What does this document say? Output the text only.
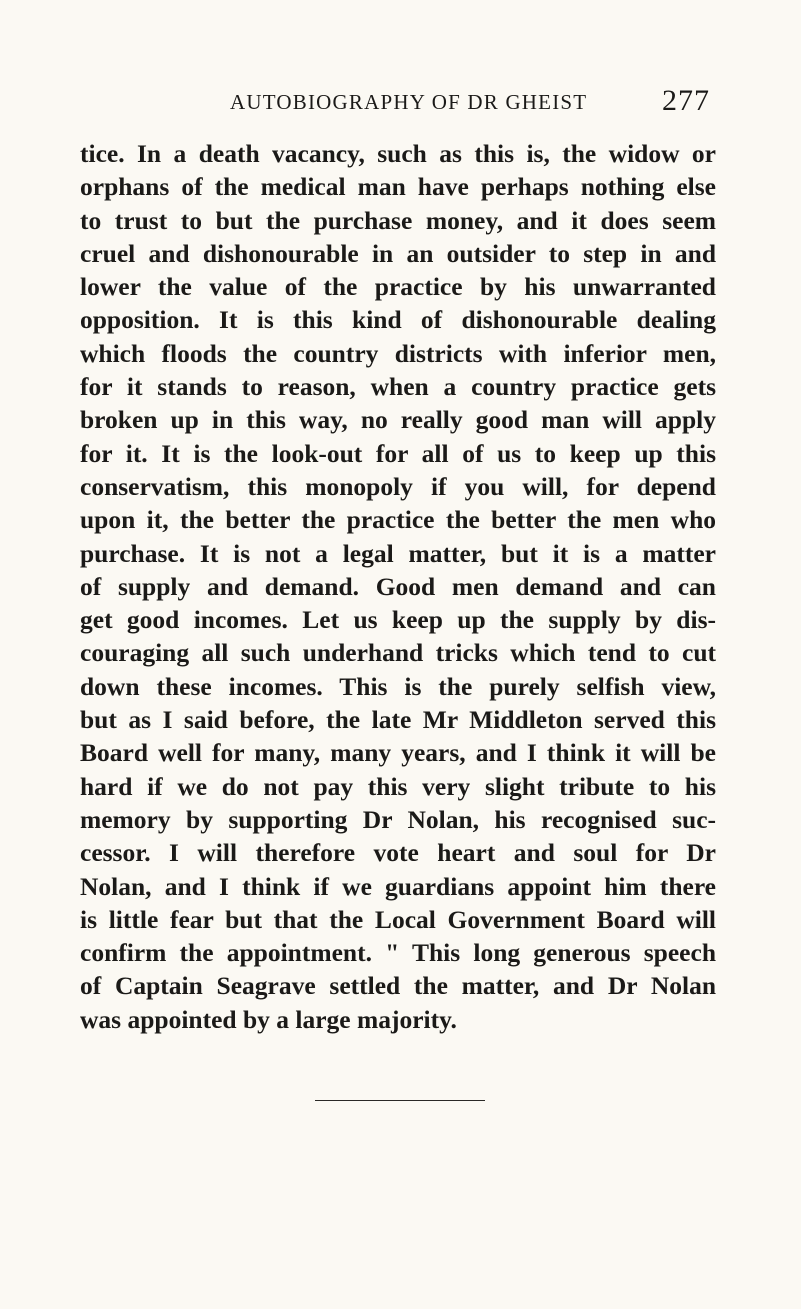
AUTOBIOGRAPHY OF DR GHEIST 277
tice. In a death vacancy, such as this is, the widow or
orphans of the medical man have perhaps nothing else
to trust to but the purchase money, and it does seem
cruel and dishonourable in an outsider to step in and
lower the value of the practice by his unwarranted
opposition. It is this kind of dishonourable dealing
which floods the country districts with inferior men,
for it stands to reason, when a country practice gets
broken up in this way, no really good man will apply
for it. It is the look-out for all of us to keep up this
conservatism, this monopoly if you will, for depend
upon it, the better the practice the better the men who
purchase. It is not a legal matter, but it is a matter
of supply and demand. Good men demand and can
get good incomes. Let us keep up the supply by dis-
couraging all such underhand tricks which tend to cut
down these incomes. This is the purely selfish view,
but as I said before, the late Mr Middleton served this
Board well for many, many years, and I think it will be
hard if we do not pay this very slight tribute to his
memory by supporting Dr Nolan, his recognised suc-
cessor. I will therefore vote heart and soul for Dr
Nolan, and I think if we guardians appoint him there
is little fear but that the Local Government Board will
confirm the appointment. " This long generous speech
of Captain Seagrave settled the matter, and Dr Nolan
was appointed by a large majority.
